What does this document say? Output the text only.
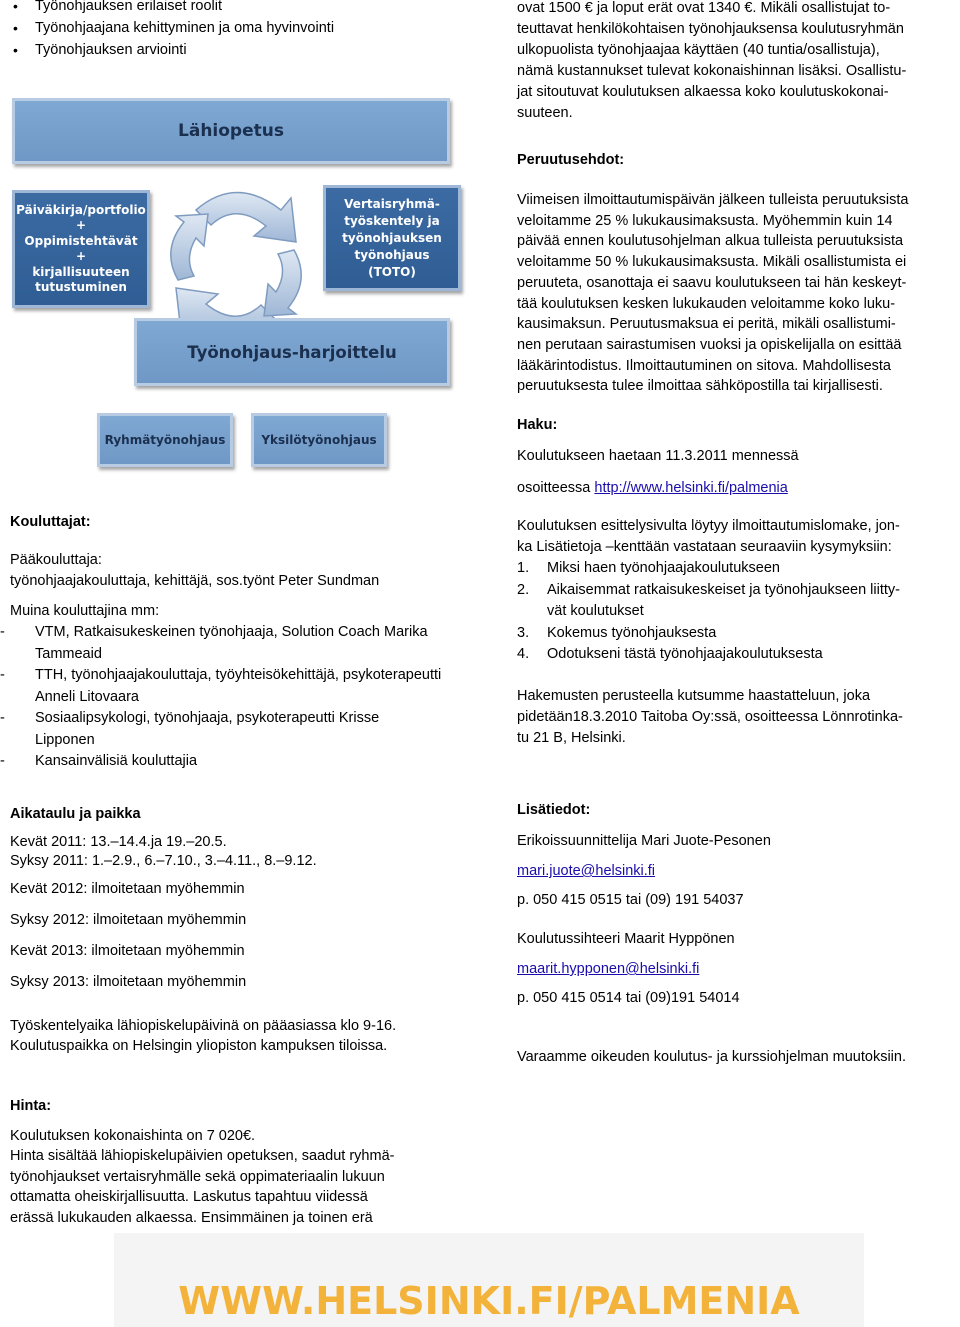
• Työnohjauksen erilaiset roolit
• Työnohjaajana kehittyminen ja oma hyvinvointi
• Työnohjauksen arviointi
Lähiopetus
Päiväkirja/portfolio
+
Oppimistehtävät
+
kirjallisuuteen
tutustuminen
Vertaisryhmä-
työskentely ja
työnohjauksen
työnohjaus
(TOTO)
Työnohjaus-harjoittelu
Ryhmätyönohjaus	Yksilötyönohjaus
Kouluttajat:
Pääkouluttaja:
työnohjaajakouluttaja, kehittäjä, sos.työnt Peter Sundman
Muina kouluttajina mm:
- VTM, Ratkaisukeskeinen työnohjaaja, Solution Coach Marika Tammeaid
- TTH, työnohjaajakouluttaja, työyhteisökehittäjä, psykoterapeutti Anneli Litovaara
- Sosiaalipsykologi, työnohjaaja, psykoterapeutti Krisse Lipponen
- Kansainvälisiä kouluttajia
Aikataulu ja paikka
Kevät 2011: 13.–14.4.ja 19.–20.5.
Syksy 2011: 1.–2.9., 6.–7.10., 3.–4.11., 8.–9.12.
Kevät 2012: ilmoitetaan myöhemmin
Syksy 2012: ilmoitetaan myöhemmin
Kevät 2013: ilmoitetaan myöhemmin
Syksy 2013: ilmoitetaan myöhemmin
Työskentelyaika lähiopiskelupäivinä on pääasiassa klo 9-16.
Koulutuspaikka on Helsingin yliopiston kampuksen tiloissa.
Hinta:
Koulutuksen kokonaishinta on 7 020€.
Hinta sisältää lähiopiskelupäivien opetuksen, saadut ryhmä-
työnohjaukset vertaisryhmälle sekä oppimateriaalin lukuun
ottamatta oheiskirjallisuutta. Laskutus tapahtuu viidessä
erässä lukukauden alkaessa. Ensimmäinen ja toinen erä
ovat 1500 € ja loput erät ovat 1340 €. Mikäli osallistujat to-
teuttavat henkilökohtaisen työnohjauksensa koulutusryhmän
ulkopuolista työnohjaajaa käyttäen (40 tuntia/osallistuja),
nämä kustannukset tulevat kokonaishinnan lisäksi. Osallistu-
jat sitoutuvat koulutuksen alkaessa koko koulutuskokonai-
suuteen.
Peruutusehdot:
Viimeisen ilmoittautumispäivän jälkeen tulleista peruutuksista
veloitamme 25 % lukukausimaksusta. Myöhemmin kuin 14
päivää ennen koulutusohjelman alkua tulleista peruutuksista
veloitamme 50 % lukukausimaksusta. Mikäli osallistumista ei
peruuteta, osanottaja ei saavu koulutukseen tai hän keskeyt-
tää koulutuksen kesken lukukauden veloitamme koko luku-
kausimaksun. Peruutusmaksua ei peritä, mikäli osallistumi-
nen perutaan sairastumisen vuoksi ja opiskelijalla on esittää
lääkärintodistus. Ilmoittautuminen on sitova. Mahdollisesta
peruutuksesta tulee ilmoittaa sähköpostilla tai kirjallisesti.
Haku:
Koulutukseen haetaan 11.3.2011 mennessä
osoitteessa http://www.helsinki.fi/palmenia
Koulutuksen esittelysivulta löytyy ilmoittautumislomake, jon-
ka Lisätietoja –kenttään vastataan seuraaviin kysymyksiin:
1. Miksi haen työnohjaajakoulutukseen
2. Aikaisemmat ratkaisukeskeiset ja työnohjaukseen liitty-
vät koulutukset
3. Kokemus työnohjauksesta
4. Odotukseni tästä työnohjaajakoulutuksesta
Hakemusten perusteella kutsumme haastatteluun, joka
pidetään18.3.2010 Taitoba Oy:ssä, osoitteessa Lönnrotinka-
tu 21 B, Helsinki.
Lisätiedot:
Erikoissuunnittelija Mari Juote-Pesonen
mari.juote@helsinki.fi
p. 050 415 0515 tai (09) 191 54037
Koulutussihteeri Maarit Hyppönen
maarit.hypponen@helsinki.fi
p. 050 415 0514 tai (09)191 54014
Varaamme oikeuden koulutus- ja kurssiohjelman muutoksiin.
WWW.HELSINKI.FI/PALMENIA
